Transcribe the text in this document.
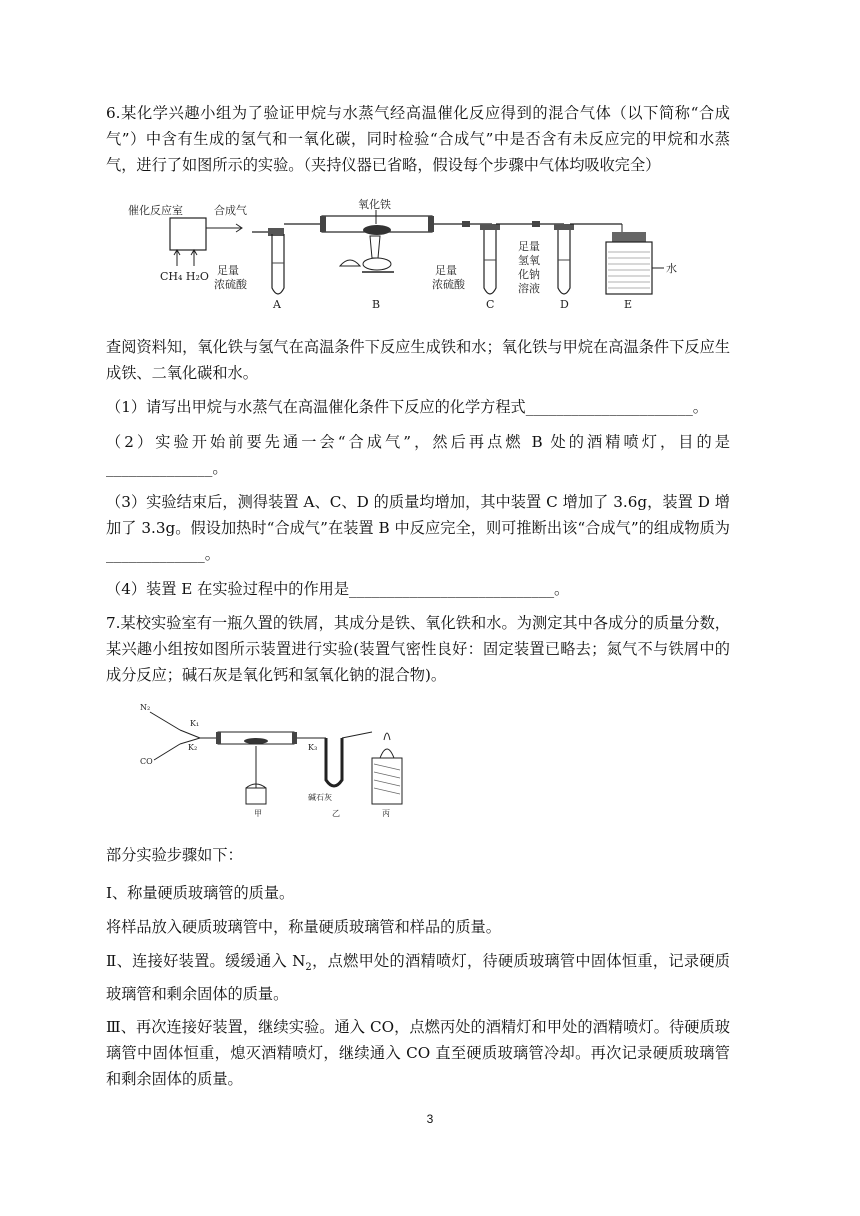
6.某化学兴趣小组为了验证甲烷与水蒸气经高温催化反应得到的混合气体（以下简称“合成气”）中含有生成的氢气和一氧化碳，同时检验“合成气”中是否含有未反应完的甲烷和水蒸气，进行了如图所示的实验。（夹持仪器已省略，假设每个步骤中气体均吸收完全）

催化反应室	合成气
CH₄ H₂O 足量
浓硫酸
A
氧化铁
B
足量
浓硫酸
C
足量
氢氧
化钠
溶液
D
水
E

查阅资料知，氧化铁与氢气在高温条件下反应生成铁和水；氧化铁与甲烷在高温条件下反应生成铁、二氧化碳和水。

（1）请写出甲烷与水蒸气在高温催化条件下反应的化学方程式______________________。

（2）实验开始前要先通一会“合成气”，然后再点燃 B 处的酒精喷灯，目的是______________。

（3）实验结束后，测得装置 A、C、D 的质量均增加，其中装置 C 增加了 3.6g，装置 D 增加了 3.3g。假设加热时“合成气”在装置 B 中反应完全，则可推断出该“合成气”的组成物质为_____________。

（4）装置 E 在实验过程中的作用是___________________________。

7.某校实验室有一瓶久置的铁屑，其成分是铁、氧化铁和水。为测定其中各成分的质量分数，某兴趣小组按如图所示装置进行实验(装置气密性良好：固定装置已略去；氮气不与铁屑中的成分反应；碱石灰是氧化钙和氢氧化钠的混合物)。

N₂
K₁
CO
K₂
甲
K₃
碱石灰
乙	丙

部分实验步骤如下：

Ⅰ、称量硬质玻璃管的质量。

将样品放入硬质玻璃管中，称量硬质玻璃管和样品的质量。

Ⅱ、连接好装置。缓缓通入 $N_2$，点燃甲处的酒精喷灯，待硬质玻璃管中固体恒重，记录硬质玻璃管和剩余固体的质量。

Ⅲ、再次连接好装置，继续实验。通入 CO，点燃丙处的酒精灯和甲处的酒精喷灯。待硬质玻璃管中固体恒重，熄灭酒精喷灯，继续通入 CO 直至硬质玻璃管冷却。再次记录硬质玻璃管和剩余固体的质量。

3
